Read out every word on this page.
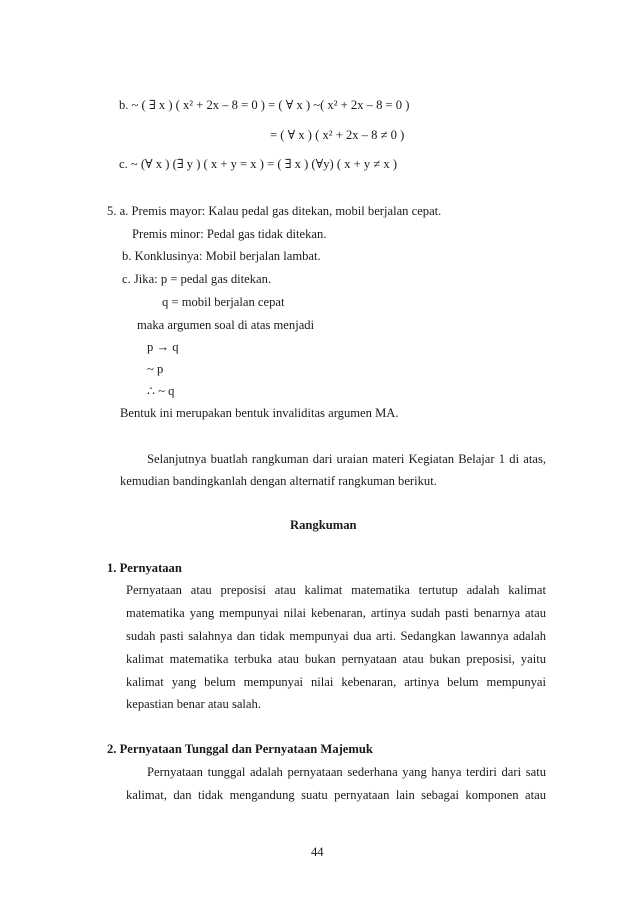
b. ~ ( ∃ x ) ( x² + 2x – 8 = 0 ) = ( ∀ x ) ~( x² + 2x – 8 = 0 )
= ( ∀ x ) ( x² + 2x – 8 ≠ 0 )
c. ~ (∀ x ) (∃ y ) ( x + y = x ) = ( ∃ x ) (∀y) ( x + y ≠ x )
5. a. Premis mayor: Kalau pedal gas ditekan, mobil berjalan cepat.
Premis minor: Pedal gas tidak ditekan.
b. Konklusinya: Mobil berjalan lambat.
c. Jika: p = pedal gas ditekan.
q = mobil berjalan cepat
maka argumen soal di atas menjadi
p → q
~ p
∴ ~ q
Bentuk ini merupakan bentuk invaliditas argumen MA.
Selanjutnya buatlah rangkuman dari uraian materi Kegiatan Belajar 1 di atas,
kemudian bandingkanlah dengan alternatif rangkuman berikut.
Rangkuman
1. Pernyataan
Pernyataan atau preposisi atau kalimat matematika tertutup adalah kalimat
matematika yang mempunyai nilai kebenaran, artinya sudah pasti benarnya atau
sudah pasti salahnya dan tidak mempunyai dua arti. Sedangkan lawannya adalah
kalimat matematika terbuka atau bukan pernyataan atau bukan preposisi, yaitu
kalimat yang belum mempunyai nilai kebenaran, artinya belum mempunyai
kepastian benar atau salah.
2. Pernyataan Tunggal dan Pernyataan Majemuk
Pernyataan tunggal adalah pernyataan sederhana yang hanya terdiri dari satu
kalimat, dan tidak mengandung suatu pernyataan lain sebagai komponen atau
44
